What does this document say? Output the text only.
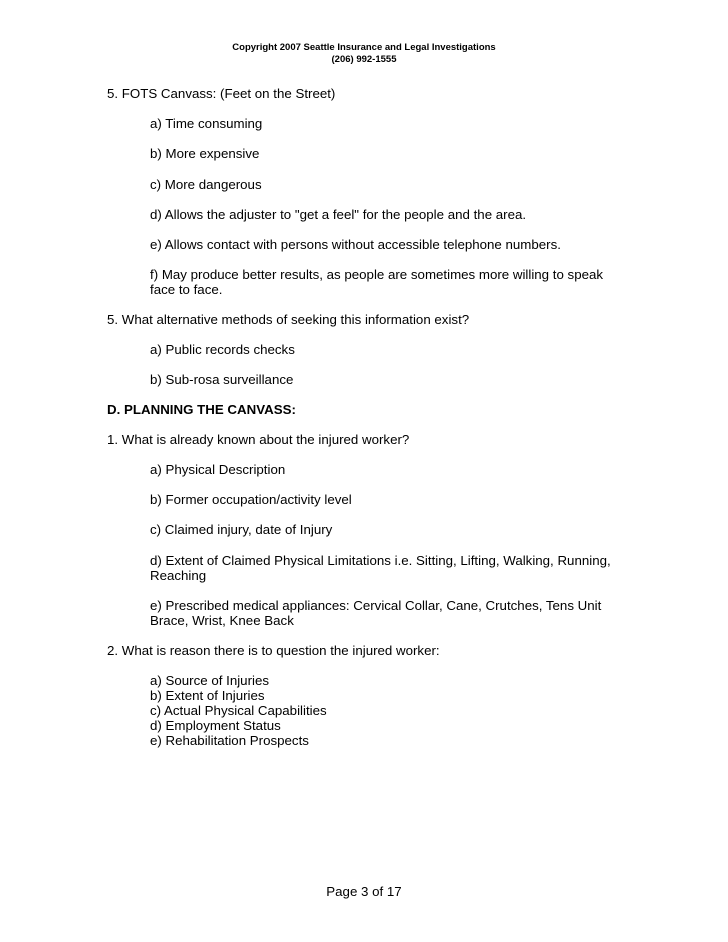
Copyright 2007 Seattle Insurance and Legal Investigations
(206) 992-1555
5. FOTS Canvass: (Feet on the Street)
a) Time consuming
b) More expensive
c) More dangerous
d) Allows the adjuster to "get a feel" for the people and the area.
e) Allows contact with persons without accessible telephone numbers.
f) May produce better results, as people are sometimes more willing to speak
face to face.
5. What alternative methods of seeking this information exist?
a) Public records checks
b) Sub-rosa surveillance
D. PLANNING THE CANVASS:
1. What is already known about the injured worker?
a) Physical Description
b) Former occupation/activity level
c) Claimed injury, date of Injury
d) Extent of Claimed Physical Limitations i.e. Sitting, Lifting, Walking, Running,
Reaching
e) Prescribed medical appliances: Cervical Collar, Cane, Crutches, Tens Unit
Brace, Wrist, Knee Back
2. What is reason there is to question the injured worker:
a) Source of Injuries
b) Extent of Injuries
c) Actual Physical Capabilities
d) Employment Status
e) Rehabilitation Prospects
Page 3 of 17
